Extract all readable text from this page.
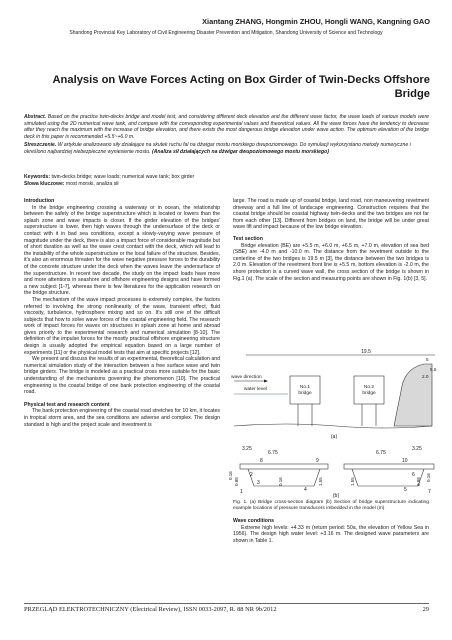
Xiantang ZHANG, Hongmin ZHOU, Hongli WANG, Kangning GAO
Shandong Provincial Key Laboratory of Civil Engineering Disaster Prevention and Mitigation, Shandong University of Science and Technology
Analysis on Wave Forces Acting on Box Girder of Twin-Decks Offshore Bridge
Abstract. Based on the practice twin-decks bridge and model test, and considering different deck elevation and the different wave factor, the wave loads of various models were simulated using the 2D numerical wave tank, and compare with the corresponding experimental values and theoretical values. All the wave forces have the tendency to decrease after they reach the maximum with the increase of bridge elevation, and there exists the most dangerous bridge elevation under wave action. The optimum elevation of the bridge deck in this paper is recommended +5.5~+6.0 m.
Streszczenie. W artykule analizowano siły działające na skutek ruchu fal na dźwigar mostu morskiego dwupoziomowego. Do symulacji wykorzystano metody numeryczne i określono najbardziej niebezpieczne wyniesienie mostu. (Analiza sił działających na dźwigar dwupoziomowego mostu morskiego)
Keywords: twin-decks bridge; wave loads; numerical wave tank; box girder
Słowa kluczowe: most morski, analiza sił

Introduction

In the bridge engineering crossing a waterway or in ocean, the relationship between the safety of the bridge superstructure which is located or lowers than the splash zone and wave impacts is closer. If the girder elevation of the bridges' superstructure is lower, then high waves through the undersurface of the deck or contact with it in bad sea conditions, except a slowly-varying wave pressure of magnitude under the deck, there is also a impact force of considerable magnitude but of short duration as well as the wave crest contact with the deck, which will lead to the instability of the whole superstructure or the local failure of the structure. Besides, it's also an enormous threaten for the wave negative pressure forces to the durability of the concrete structure under the deck when the waves leave the undersurface of the superstructure. In recent two decade, the study on the impact loads have more and more attentions in seashore and offshore engineering designs and have formed a new subject [1-7], whereas there is few literatures for the application research on the bridge structure.

The mechanism of the wave impact processes is extremely complex, the factors referred to involving the strong nonlinearity of the wave, transient effect, fluid viscosity, turbulence, hydrosphere mixing and so on. It's still one of the difficult subjects that how to solve wave forces of the coastal engineering field. The research work of impact forces for waves on structures in splash zone at home and abroad gives priority to the experimental research and numerical simulation [8-10]. The definition of the impulse forces for the mostly practical offshore engineering structure design is usually adopted the empirical equation based on a large number of experiments [11] or the physical model tests that aim at specific projects [12].

We present and discuss the results of an experimental, theoretical calculation and numerical simulation study of the interaction between a free surface wave and twin bridge girders. The bridge is modeled as a practical cross more suitable for the basic understanding of the mechanisms governing the phenomenon [10]. The practical engineering is the coastal bridge of one bank protection engineering of the coastal road.

Physical test and research content

The bank protection engineering of the coastal road stretches for 10 km, it locates in tropical storm area, and the sea conditions are adverse and complex. The design standard is high and the project scale and investment is

large. The road is made up of coastal bridge, land road, non maneuvering revetment driveway and a full line of landscape engineering. Construction requires that the coastal bridge should be coastal highway twin-decks and the two bridges are not far from each other [13]. Different from bridges on land, the bridge will be under great wave lift and impact because of the low bridge elevation.

Test section

Bridge elevation (BE) are +5.5 m, +6.0 m, +6.5 m, +7.0 m, elevation of sea bed (SBE) are -4.0 m and -10.0 m. The distance from the revetment outside to the centerline of the two bridges is 19.5 m [3], the distance between the two bridges is 2.0 m. Elevation of the revetment front line is +5.5 m, bottom elevation is -2.0 m, the shore protection is a curved wave wall, the cross section of the bridge is shown in Fig.1 (a). The scale of the section and measuring points are shown in Fig. 1(b) [3, 5].

19.5
wave direction
water level	No.1
bridge
No.2
bridge
5
5.5
2.0
(a)
3.25
6.75
8	9
0.16
0.88
2
3	0.16
4
1.55
1
3.25
6.75
10
1.55
6
5
0.88 0.16
7
(b)

Fig. 1. (a) Bridge cross-section diagram (b) Section of bridge superstructure indicating example locations of pressure transducers imbedded in the model (m)

Wave conditions

Extreme high levels: +4.33 m (return period: 50a, the elevation of Yellow Sea in 1956). The design high water level: +3.16 m. The designed wave parameters are shown in Table 1.

PRZEGLĄD ELEKTROTECHNICZNY (Electrical Review), ISSN 0033-2097, R. 88 NR 9b/2012	29
